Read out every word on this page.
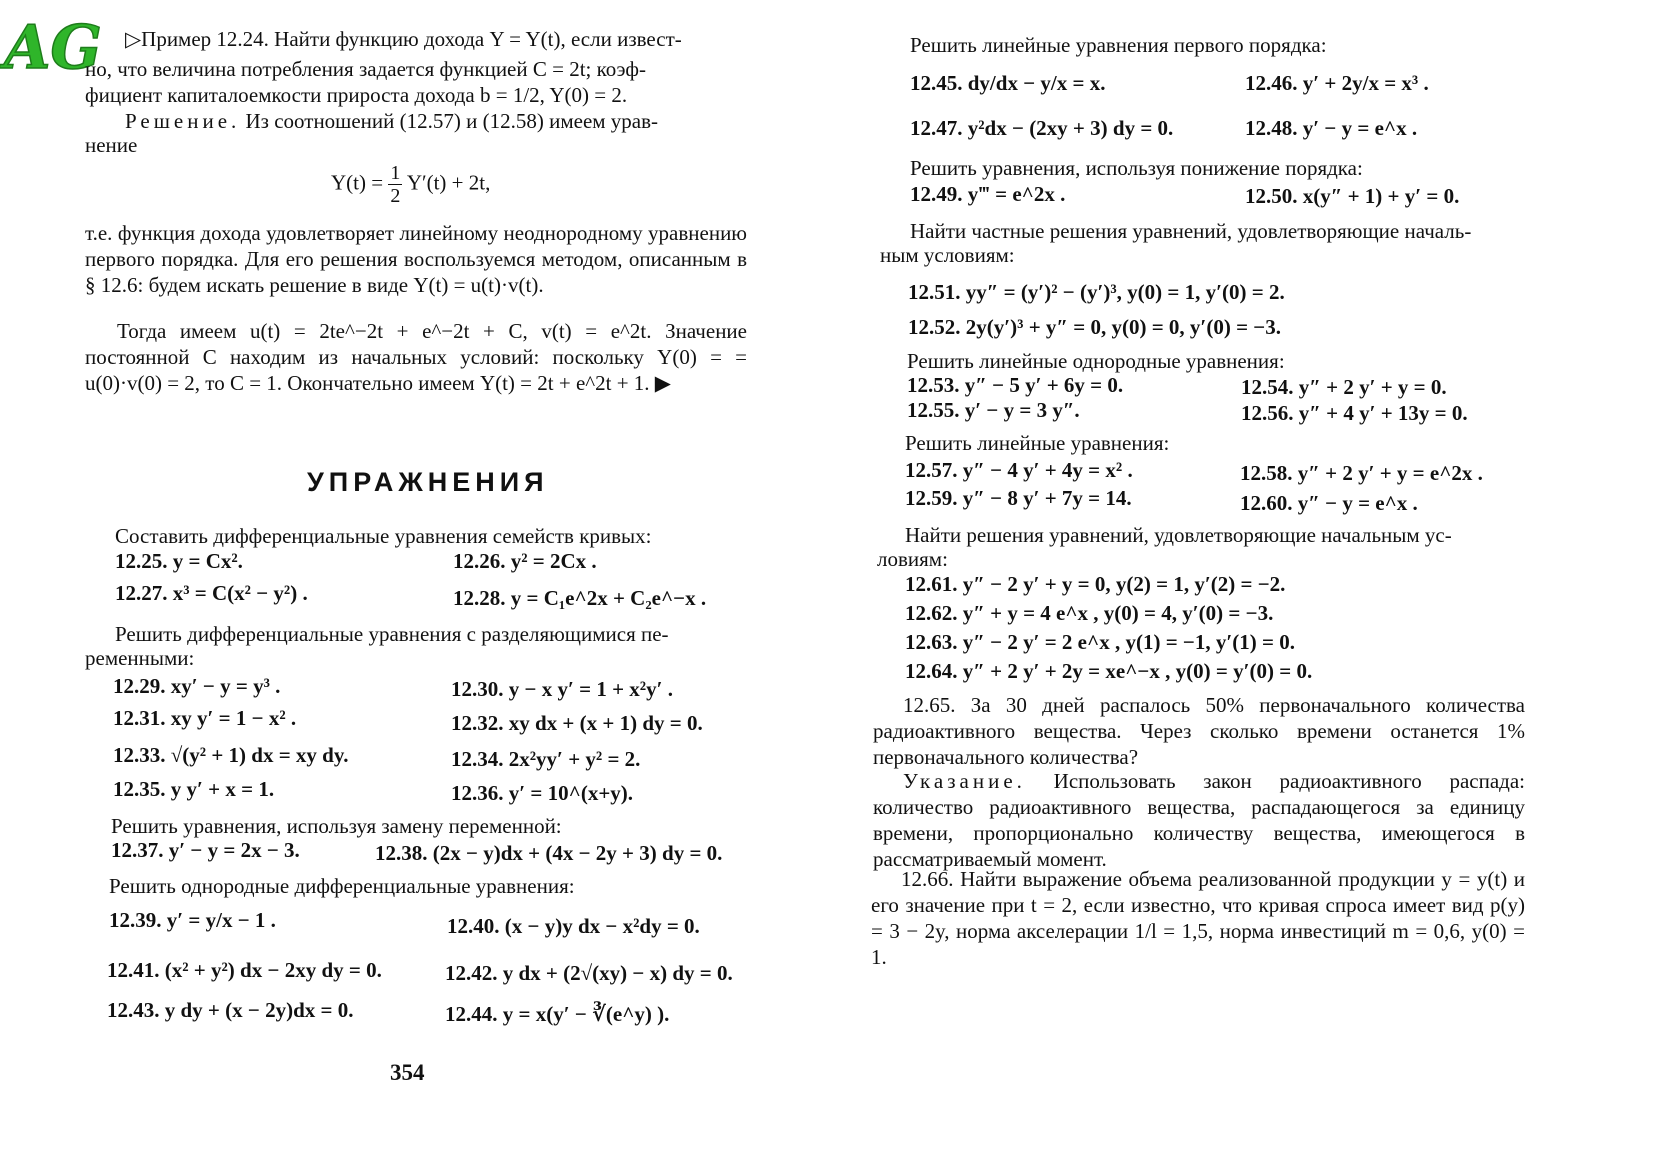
AG ▷Пример 12.24. Найти функцию дохода Y = Y(t), если извест-
но, что величина потребления задается функцией C = 2t; коэф-
фициент капиталоемкости прироста дохода b = 1/2, Y(0) = 2.
Решение. Из соотношений (12.57) и (12.58) имеем урав-
нение
$Y(t) = \frac{1}{2} Y'(t) + 2t$,
т.е. функция дохода удовлетворяет линейному неоднородному уравнению первого порядка. Для его решения воспользуемся методом, описанным в § 12.6: будем искать решение в виде Y(t) = u(t)·v(t).
Тогда имеем u(t) = 2te^−2t + e^−2t + C, v(t) = e^2t. Значение постоянной C находим из начальных условий: поскольку Y(0) = = u(0)·v(0) = 2, то C = 1. Окончательно имеем Y(t) = 2t + e^2t + 1. ▶
УПРАЖНЕНИЯ
Составить дифференциальные уравнения семейств кривых:
12.25. y = Cx².	12.26. y² = 2Cx .
12.27. x³ = C(x² − y²) .	12.28. y = C₁e^2x + C₂e^−x .
Решить дифференциальные уравнения с разделяющимися пе-
ременными:
12.29. xy′ − y = y³ .	12.30. y − x y′ = 1 + x²y′ .
12.31. xy y′ = 1 − x² .	12.32. xy dx + (x + 1) dy = 0.
12.33. √(y² + 1) dx = xy dy.	12.34. 2x²yy′ + y² = 2.
12.35. y y′ + x = 1.	12.36. y′ = 10^(x+y).
Решить уравнения, используя замену переменной:
12.37. y′ − y = 2x − 3.	12.38. (2x − y)dx + (4x − 2y + 3) dy = 0.
Решить однородные дифференциальные уравнения:
12.39. y′ = y/x − 1 .	12.40. (x − y)y dx − x²dy = 0.
12.41. (x² + y²) dx − 2xy dy = 0.	12.42. y dx + (2√(xy) − x) dy = 0.
12.43. y dy + (x − 2y)dx = 0.	12.44. y = x(y′ − ∛(e^y) ).
354
Решить линейные уравнения первого порядка:
12.45. dy/dx − y/x = x.	12.46. y′ + 2y/x = x³ .
12.47. y²dx − (2xy + 3) dy = 0.	12.48. y′ − y = e^x .
Решить уравнения, используя понижение порядка:
12.49. y‴ = e^2x .	12.50. x(y″ + 1) + y′ = 0.
Найти частные решения уравнений, удовлетворяющие началь-
ным условиям:
12.51. yy″ = (y′)² − (y′)³, y(0) = 1, y′(0) = 2.
12.52. 2y(y′)³ + y″ = 0, y(0) = 0, y′(0) = −3.
Решить линейные однородные уравнения:
12.53. y″ − 5 y′ + 6y = 0.	12.54. y″ + 2 y′ + y = 0.
12.55. y′ − y = 3 y″.	12.56. y″ + 4 y′ + 13y = 0.
Решить линейные уравнения:
12.57. y″ − 4 y′ + 4y = x² .	12.58. y″ + 2 y′ + y = e^2x .
12.59. y″ − 8 y′ + 7y = 14.	12.60. y″ − y = e^x .
Найти решения уравнений, удовлетворяющие начальным ус-
ловиям:
12.61. y″ − 2 y′ + y = 0, y(2) = 1, y′(2) = −2.
12.62. y″ + y = 4 e^x , y(0) = 4, y′(0) = −3.
12.63. y″ − 2 y′ = 2 e^x , y(1) = −1, y′(1) = 0.
12.64. y″ + 2 y′ + 2y = xe^−x , y(0) = y′(0) = 0.
12.65. За 30 дней распалось 50% первоначального количества радиоактивного вещества. Через сколько времени останется 1% первоначального количества?
Указание. Использовать закон радиоактивного распада: количество радиоактивного вещества, распадающегося за единицу времени, пропорционально количеству вещества, имеющегося в рассматриваемый момент.
12.66. Найти выражение объема реализованной продукции y = y(t) и его значение при t = 2, если известно, что кривая спроса имеет вид p(y) = 3 − 2y, норма акселерации 1/l = 1,5, норма инвестиций m = 0,6, y(0) = 1.
